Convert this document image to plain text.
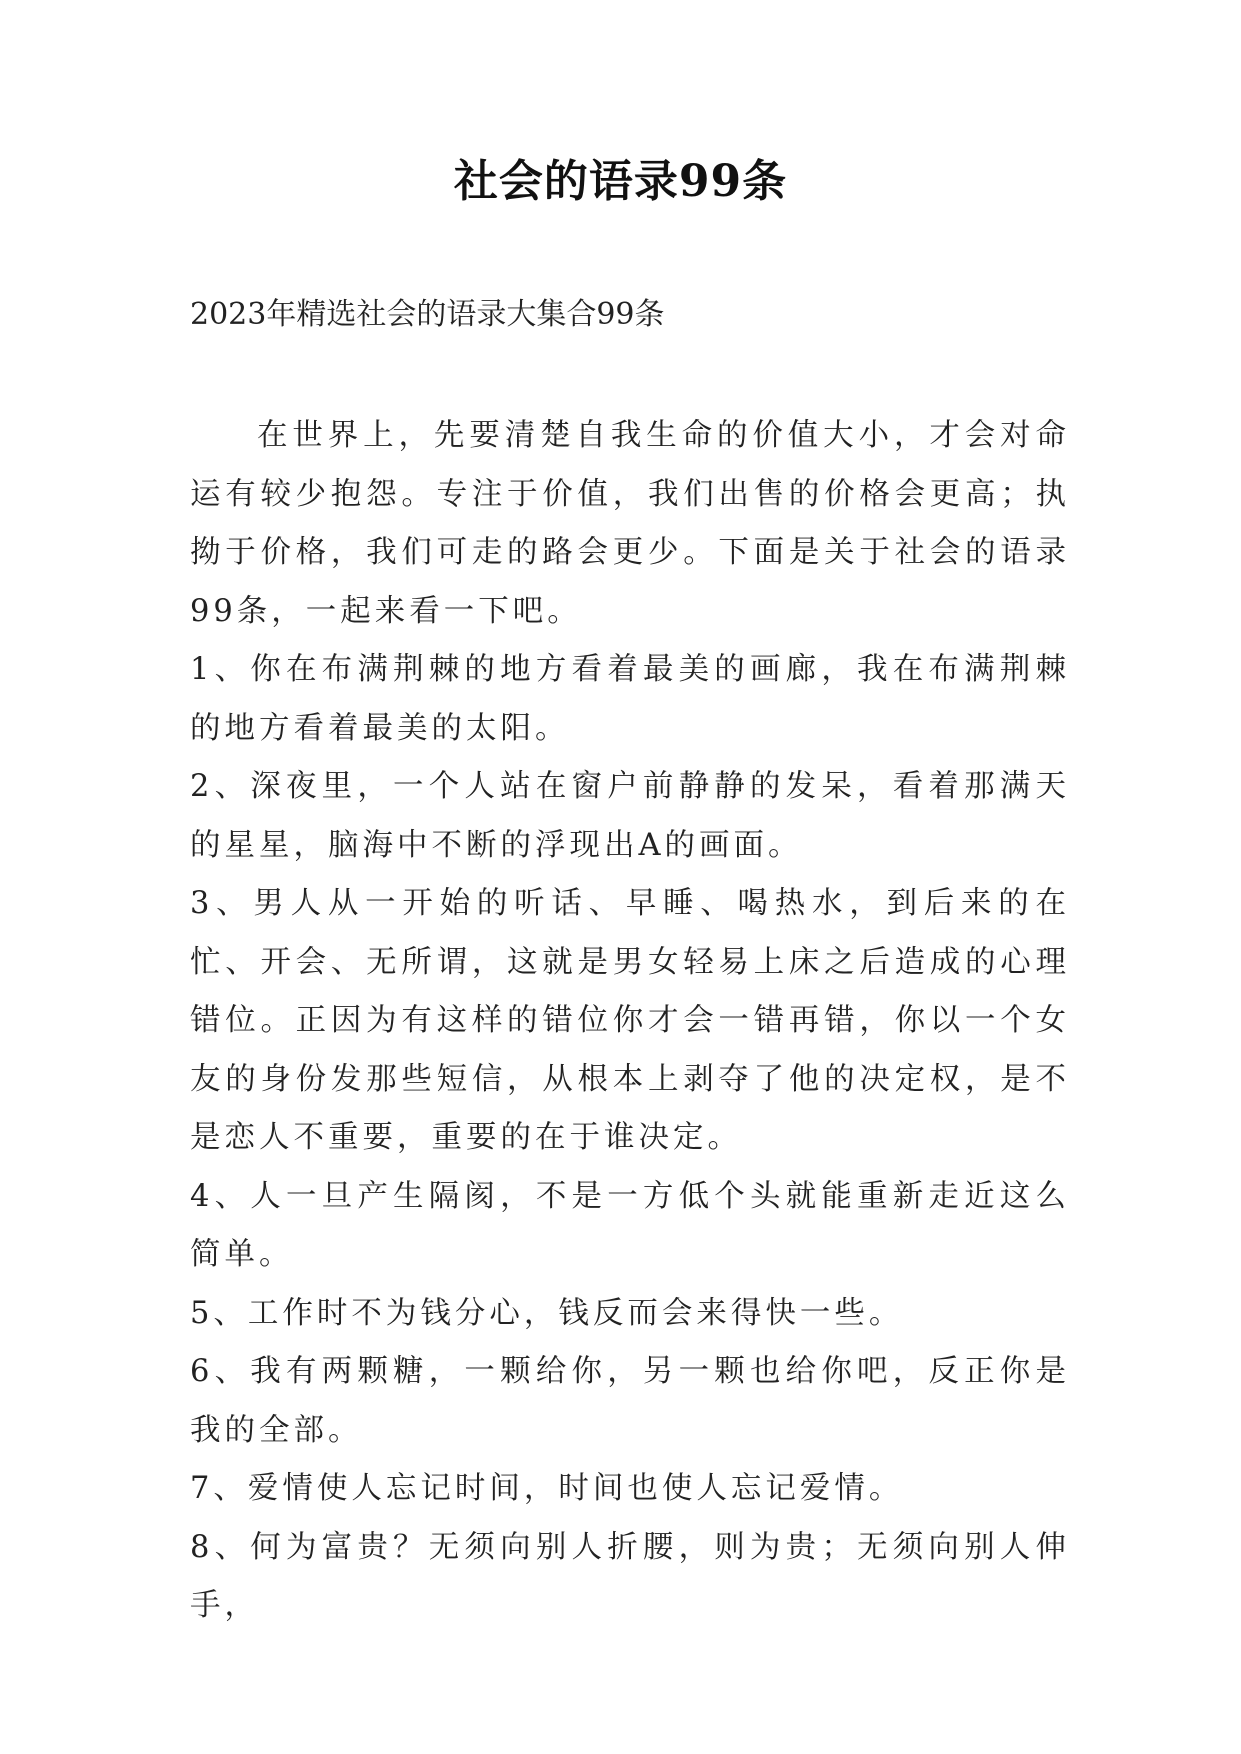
社会的语录99条
2023年精选社会的语录大集合99条

在世界上，先要清楚自我生命的价值大小，才会对命运有较少抱怨。专注于价值，我们出售的价格会更高；执拗于价格，我们可走的路会更少。下面是关于社会的语录99条，一起来看一下吧。

1、你在布满荆棘的地方看着最美的画廊，我在布满荆棘的地方看着最美的太阳。

2、深夜里，一个人站在窗户前静静的发呆，看着那满天的星星，脑海中不断的浮现出A的画面。

3、男人从一开始的听话、早睡、喝热水，到后来的在忙、开会、无所谓，这就是男女轻易上床之后造成的心理错位。正因为有这样的错位你才会一错再错，你以一个女友的身份发那些短信，从根本上剥夺了他的决定权，是不是恋人不重要，重要的在于谁决定。

4、人一旦产生隔阂，不是一方低个头就能重新走近这么简单。

5、工作时不为钱分心，钱反而会来得快一些。

6、我有两颗糖，一颗给你，另一颗也给你吧，反正你是我的全部。

7、爱情使人忘记时间，时间也使人忘记爱情。

8、何为富贵？无须向别人折腰，则为贵；无须向别人伸手，
